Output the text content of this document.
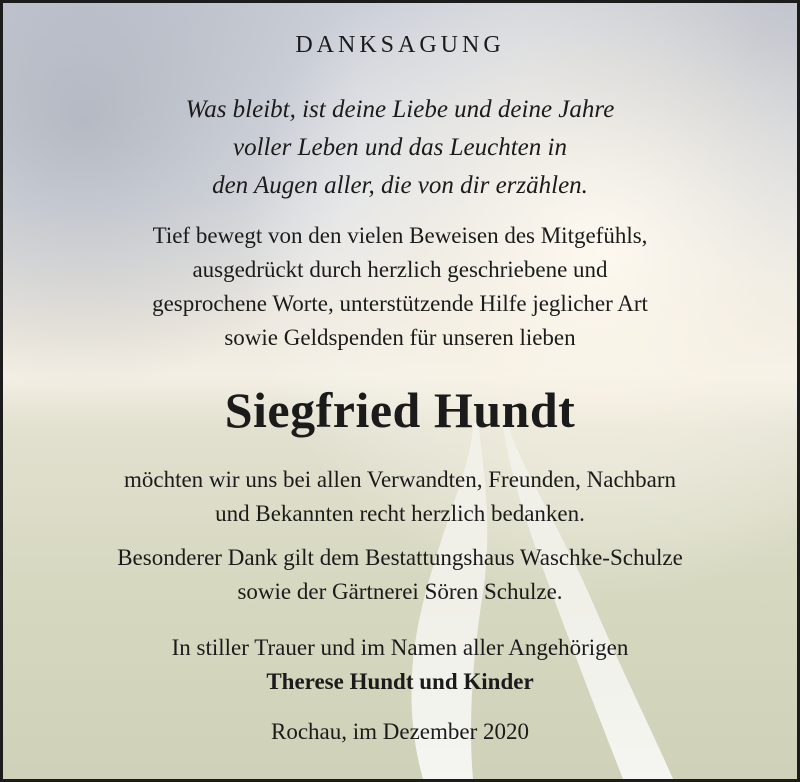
DANKSAGUNG
Was bleibt, ist deine Liebe und deine Jahre
voller Leben und das Leuchten in
den Augen aller, die von dir erzählen.
Tief bewegt von den vielen Beweisen des Mitgefühls,
ausgedrückt durch herzlich geschriebene und
gesprochene Worte, unterstützende Hilfe jeglicher Art
sowie Geldspenden für unseren lieben
Siegfried Hundt
möchten wir uns bei allen Verwandten, Freunden, Nachbarn
und Bekannten recht herzlich bedanken.
Besonderer Dank gilt dem Bestattungshaus Waschke-Schulze
sowie der Gärtnerei Sören Schulze.
In stiller Trauer und im Namen aller Angehörigen
Therese Hundt und Kinder
Rochau, im Dezember 2020
